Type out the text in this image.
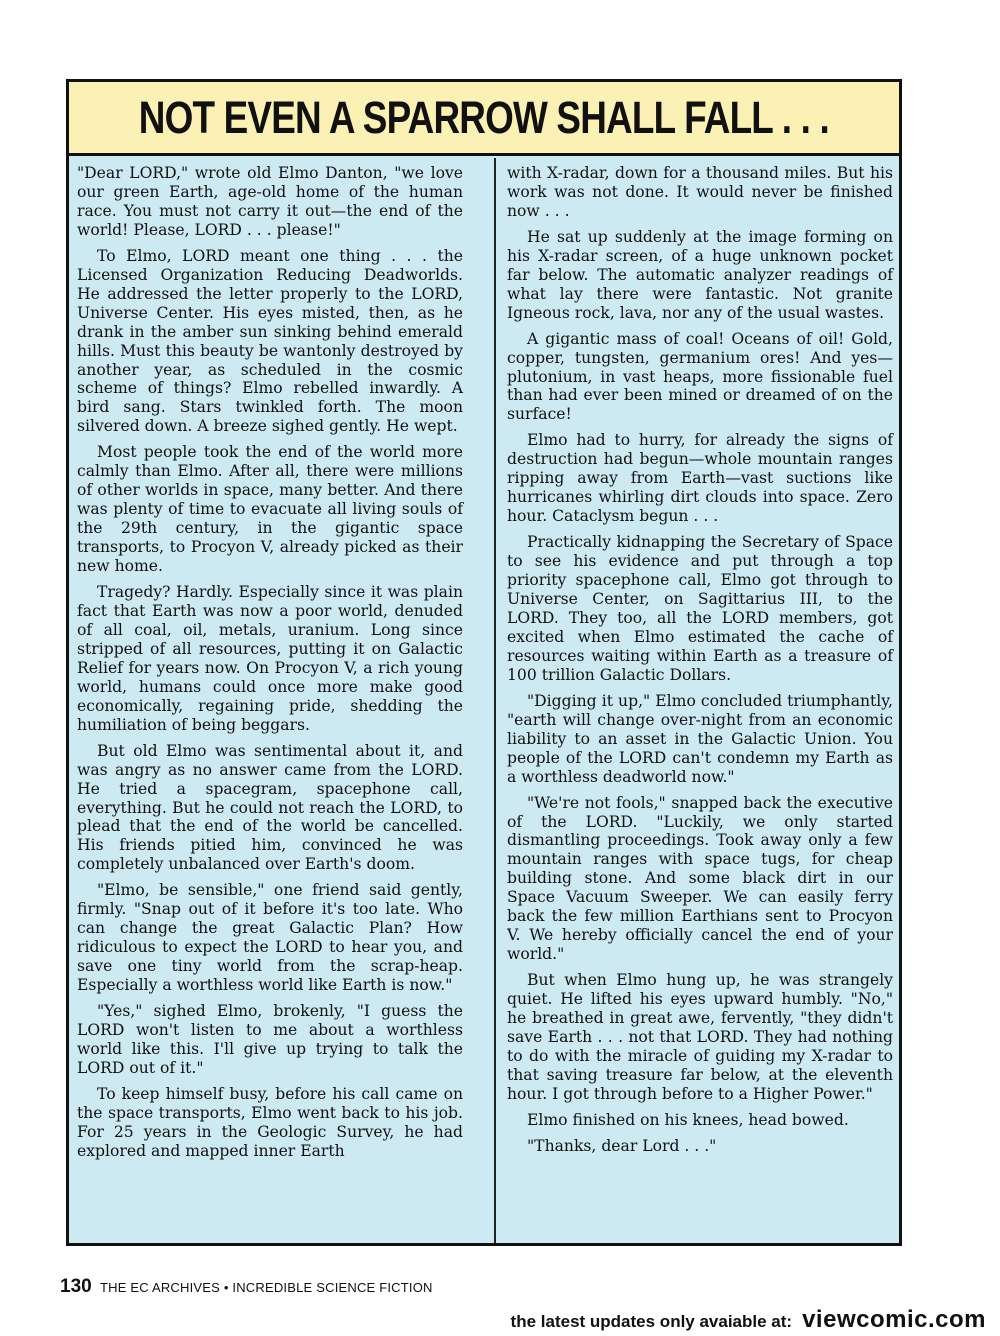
NOT EVEN A SPARROW SHALL FALL . . .

"Dear LORD," wrote old Elmo Danton, "we love our green Earth, age-old home of the human race. You must not carry it out—the end of the world! Please, LORD . . . please!"

To Elmo, LORD meant one thing . . . the Licensed Organization Reducing Deadworlds. He addressed the letter properly to the LORD, Universe Center. His eyes misted, then, as he drank in the amber sun sinking behind emerald hills. Must this beauty be wantonly destroyed by another year, as scheduled in the cosmic scheme of things? Elmo rebelled inwardly. A bird sang. Stars twinkled forth. The moon silvered down. A breeze sighed gently. He wept.

Most people took the end of the world more calmly than Elmo. After all, there were millions of other worlds in space, many better. And there was plenty of time to evacuate all living souls of the 29th century, in the gigantic space transports, to Procyon V, already picked as their new home.

Tragedy? Hardly. Especially since it was plain fact that Earth was now a poor world, denuded of all coal, oil, metals, uranium. Long since stripped of all resources, putting it on Galactic Relief for years now. On Procyon V, a rich young world, humans could once more make good economically, regaining pride, shedding the humiliation of being beggars.

But old Elmo was sentimental about it, and was angry as no answer came from the LORD. He tried a spacegram, spacephone call, everything. But he could not reach the LORD, to plead that the end of the world be cancelled. His friends pitied him, convinced he was completely unbalanced over Earth's doom.

"Elmo, be sensible," one friend said gently, firmly. "Snap out of it before it's too late. Who can change the great Galactic Plan? How ridiculous to expect the LORD to hear you, and save one tiny world from the scrap-heap. Especially a worthless world like Earth is now."

"Yes," sighed Elmo, brokenly, "I guess the LORD won't listen to me about a worthless world like this. I'll give up trying to talk the LORD out of it."

To keep himself busy, before his call came on the space transports, Elmo went back to his job. For 25 years in the Geologic Survey, he had explored and mapped inner Earth

with X-radar, down for a thousand miles. But his work was not done. It would never be finished now . . .

He sat up suddenly at the image forming on his X-radar screen, of a huge unknown pocket far below. The automatic analyzer readings of what lay there were fantastic. Not granite Igneous rock, lava, nor any of the usual wastes.

A gigantic mass of coal! Oceans of oil! Gold, copper, tungsten, germanium ores! And yes—plutonium, in vast heaps, more fissionable fuel than had ever been mined or dreamed of on the surface!

Elmo had to hurry, for already the signs of destruction had begun—whole mountain ranges ripping away from Earth—vast suctions like hurricanes whirling dirt clouds into space. Zero hour. Cataclysm begun . . .

Practically kidnapping the Secretary of Space to see his evidence and put through a top priority spacephone call, Elmo got through to Universe Center, on Sagittarius III, to the LORD. They too, all the LORD members, got excited when Elmo estimated the cache of resources waiting within Earth as a treasure of 100 trillion Galactic Dollars.

"Digging it up," Elmo concluded triumphantly, "earth will change over-night from an economic liability to an asset in the Galactic Union. You people of the LORD can't condemn my Earth as a worthless deadworld now."

"We're not fools," snapped back the executive of the LORD. "Luckily, we only started dismantling proceedings. Took away only a few mountain ranges with space tugs, for cheap building stone. And some black dirt in our Space Vacuum Sweeper. We can easily ferry back the few million Earthians sent to Procyon V. We hereby officially cancel the end of your world."

But when Elmo hung up, he was strangely quiet. He lifted his eyes upward humbly. "No," he breathed in great awe, fervently, "they didn't save Earth . . . not that LORD. They had nothing to do with the miracle of guiding my X-radar to that saving treasure far below, at the eleventh hour. I got through before to a Higher Power."

Elmo finished on his knees, head bowed.

"Thanks, dear Lord . . ."

130 THE EC ARCHIVES • INCREDIBLE SCIENCE FICTION
the latest updates only avaiable at: viewcomic.com
